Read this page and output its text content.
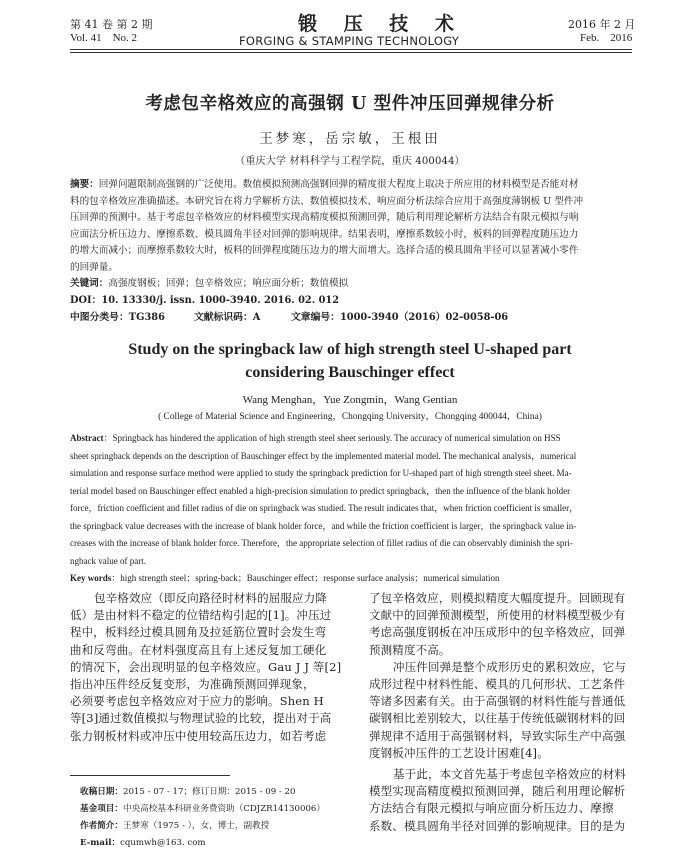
第 41 卷 第 2 期
Vol. 41　No. 2
锻 压 技 术
FORGING & STAMPING TECHNOLOGY
2016 年 2 月
Feb.　2016
考虑包辛格效应的高强钢 U 型件冲压回弹规律分析
王梦寒，岳宗敏，王根田
（重庆大学 材料科学与工程学院，重庆 400044）
摘要：回弹问题限制高强钢的广泛使用。数值模拟预测高强钢回弹的精度很大程度上取决于所应用的材料模型是否能对材
料的包辛格效应准确描述。本研究旨在将力学解析方法、数值模拟技术、响应面分析法综合应用于高强度薄钢板 U 型件冲
压回弹的预测中。基于考虑包辛格效应的材料模型实现高精度模拟预测回弹，随后利用理论解析方法结合有限元模拟与响
应面法分析压边力、摩擦系数、模具圆角半径对回弹的影响规律。结果表明，摩擦系数较小时，板料的回弹程度随压边力
的增大而减小；而摩擦系数较大时，板料的回弹程度随压边力的增大而增大。选择合适的模具圆角半径可以显著减小零件
的回弹量。
关键词：高强度钢板；回弹；包辛格效应；响应面分析；数值模拟
DOI：10. 13330/j. issn. 1000-3940. 2016. 02. 012
中图分类号：TG386	文献标识码：A	文章编号：1000-3940（2016）02-0058-06
Study on the springback law of high strength steel U-shaped part
considering Bauschinger effect
Wang Menghan，Yue Zongmin，Wang Gentian
( College of Material Science and Engineering，Chongqing University，Chongqing 400044，China)
Abstract：Springback has hindered the application of high strength steel sheet seriously. The accuracy of numerical simulation on HSS
sheet springback depends on the description of Bauschinger effect by the implemented material model. The mechanical analysis，numerical
simulation and response surface method were applied to study the springback prediction for U-shaped part of high strength steel sheet. Ma-
terial model based on Bauschinger effect enabled a high-precision simulation to predict springback，then the influence of the blank holder
force，friction coefficient and fillet radius of die on springback was studied. The result indicates that，when friction coefficient is smaller，
the springback value decreases with the increase of blank holder force，and while the friction coefficient is larger，the springback value in-
creases with the increase of blank holder force. Therefore，the appropriate selection of fillet radius of die can observably diminish the spri-
ngback value of part.
Key words：high strength steel；spring-back；Bauschinger effect；response surface analysis；numerical simulation
包辛格效应（即反向路径时材料的屈服应力降
低）是由材料不稳定的位错结构引起的[1]。冲压过
程中，板料经过模具圆角及拉延筋位置时会发生弯
曲和反弯曲。在材料强度高且有上述反复加工硬化
的情况下，会出现明显的包辛格效应。Gau J J 等[2]
指出冲压件经反复变形，为准确预测回弹现象，
必须要考虑包辛格效应对于应力的影响。Shen H
等[3]通过数值模拟与物理试验的比较，提出对于高
张力钢板材料或冲压中使用较高压边力，如若考虑
收稿日期：2015 - 07 - 17；修订日期：2015 - 09 - 20
基金项目：中央高校基本科研业务费资助（CDJZR14130006）
作者简介：王梦寒（1975 - ），女，博士，副教授
E-mail：cqumwh@163. com
了包辛格效应，则模拟精度大幅度提升。回顾现有
文献中的回弹预测模型，所使用的材料模型极少有
考虑高强度钢板在冲压成形中的包辛格效应，回弹
预测精度不高。
冲压件回弹是整个成形历史的累积效应，它与
成形过程中材料性能、模具的几何形状、工艺条件
等诸多因素有关。由于高强钢的材料性能与普通低
碳钢相比差别较大，以往基于传统低碳钢材料的回
弹规律不适用于高强钢材料，导致实际生产中高强
度钢板冲压件的工艺设计困难[4]。
基于此，本文首先基于考虑包辛格效应的材料
模型实现高精度模拟预测回弹，随后利用理论解析
方法结合有限元模拟与响应面分析压边力、摩擦
系数、模具圆角半径对回弹的影响规律。目的是为
